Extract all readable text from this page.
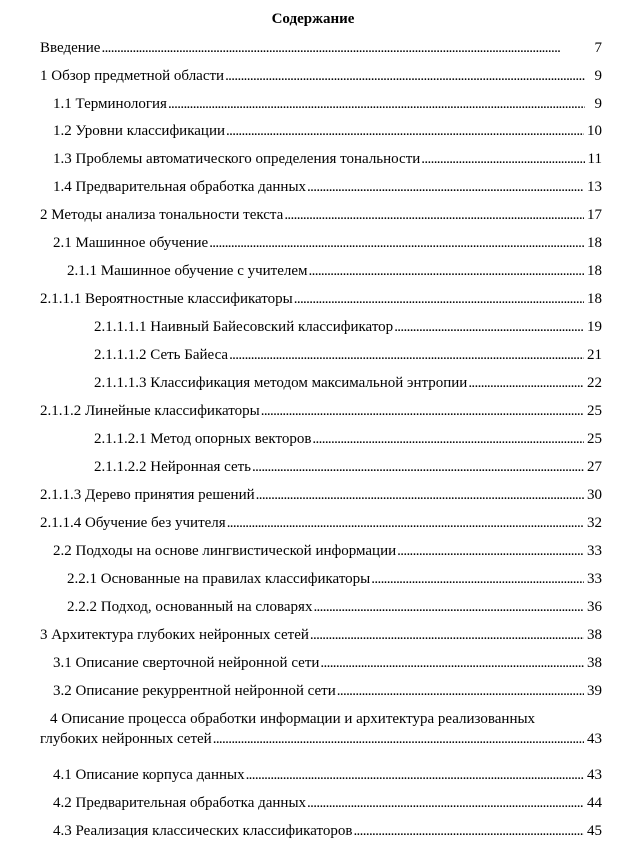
Содержание
Введение . . .	7
1 Обзор предметной области . . .	9
1.1 Терминология . . .	9
1.2 Уровни классификации . . .	10
1.3 Проблемы автоматического определения тональности . . .	11
1.4 Предварительная обработка данных . . .	13
2 Методы анализа тональности текста . . .	17
2.1 Машинное обучение . . .	18
2.1.1 Машинное обучение с учителем . . .	18
2.1.1.1 Вероятностные классификаторы . . .	18
2.1.1.1.1 Наивный Байесовский классификатор . . .	19
2.1.1.1.2 Сеть Байеса . . .	21
2.1.1.1.3 Классификация методом максимальной энтропии . . .	22
2.1.1.2 Линейные классификаторы . . .	25
2.1.1.2.1 Метод опорных векторов . . .	25
2.1.1.2.2 Нейронная сеть . . .	27
2.1.1.3 Дерево принятия решений . . .	30
2.1.1.4 Обучение без учителя . . .	32
2.2 Подходы на основе лингвистической информации . . .	33
2.2.1 Основанные на правилах классификаторы . . .	33
2.2.2 Подход, основанный на словарях . . .	36
3 Архитектура глубоких нейронных сетей . . .	38
3.1 Описание сверточной нейронной сети . . .	38
3.2 Описание рекуррентной нейронной сети . . .	39
4 Описание процесса обработки информации и архитектура реализованных
глубоких нейронных сетей . . .	43
4.1 Описание корпуса данных . . .	43
4.2 Предварительная обработка данных . . .	44
4.3 Реализация классических классификаторов . . .	45
